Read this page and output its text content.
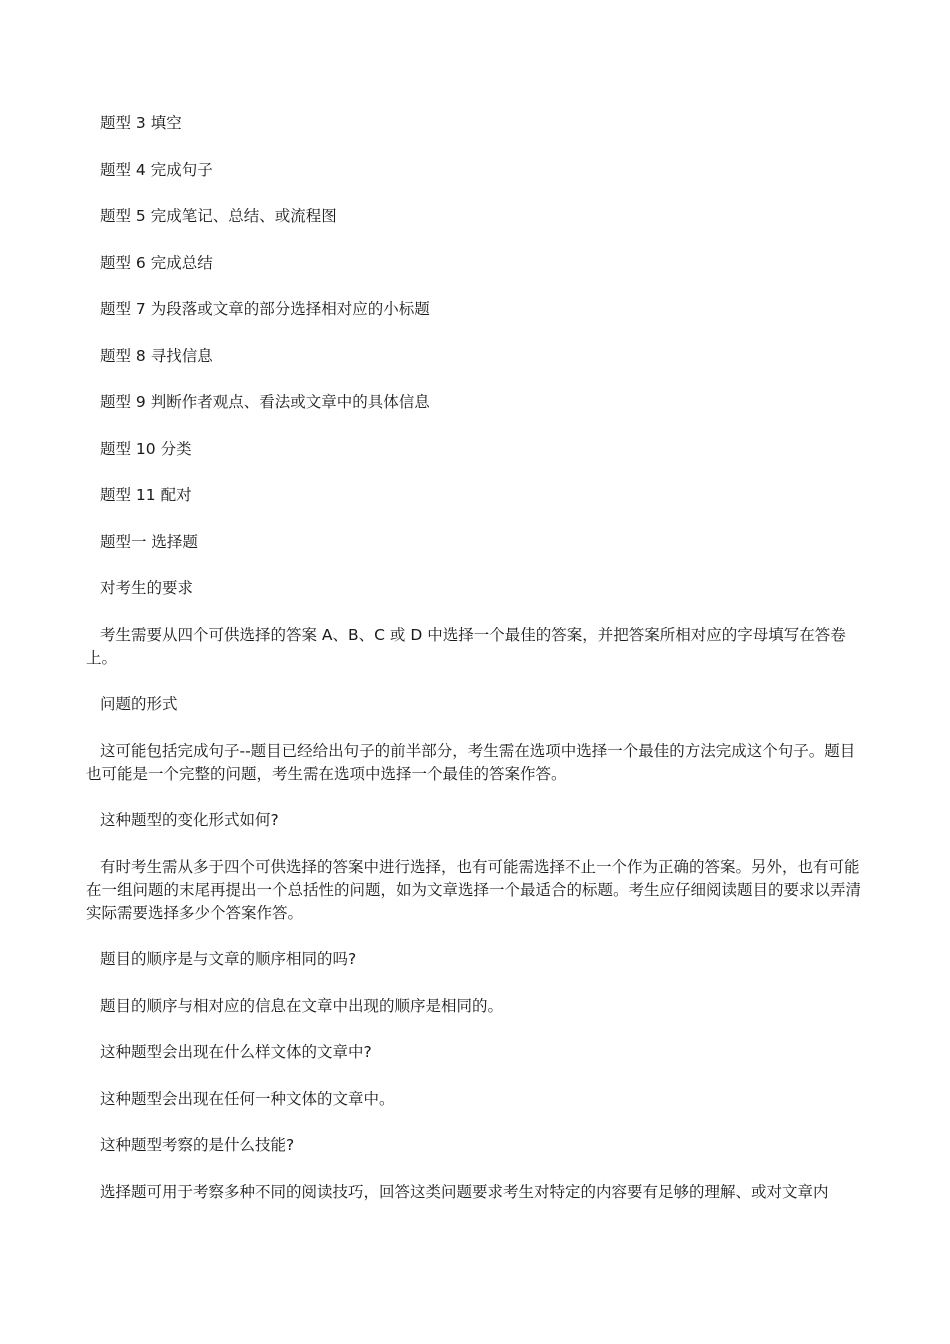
题型 3 填空

题型 4 完成句子

题型 5 完成笔记、总结、或流程图

题型 6 完成总结

题型 7 为段落或文章的部分选择相对应的小标题

题型 8 寻找信息

题型 9 判断作者观点、看法或文章中的具体信息

题型 10 分类

题型 11 配对

题型一 选择题

对考生的要求

考生需要从四个可供选择的答案 A、B、C 或 D 中选择一个最佳的答案，并把答案所相对应的字母填写在答卷上。

问题的形式

这可能包括完成句子--题目已经给出句子的前半部分，考生需在选项中选择一个最佳的方法完成这个句子。题目也可能是一个完整的问题，考生需在选项中选择一个最佳的答案作答。

这种题型的变化形式如何?

有时考生需从多于四个可供选择的答案中进行选择，也有可能需选择不止一个作为正确的答案。另外，也有可能在一组问题的末尾再提出一个总括性的问题，如为文章选择一个最适合的标题。考生应仔细阅读题目的要求以弄清实际需要选择多少个答案作答。

题目的顺序是与文章的顺序相同的吗?

题目的顺序与相对应的信息在文章中出现的顺序是相同的。

这种题型会出现在什么样文体的文章中?

这种题型会出现在任何一种文体的文章中。

这种题型考察的是什么技能?

选择题可用于考察多种不同的阅读技巧，回答这类问题要求考生对特定的内容要有足够的理解、或对文章内
